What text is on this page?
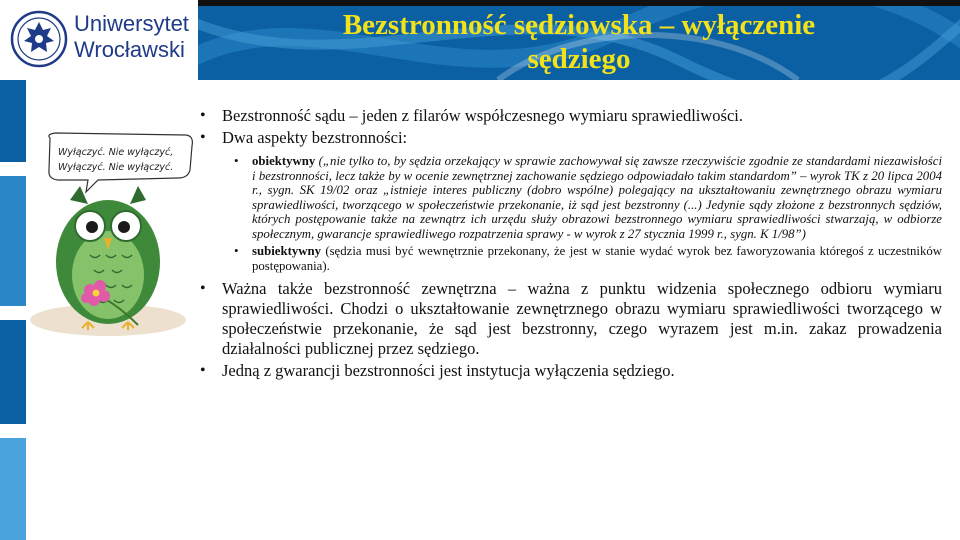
Uniwersytet
Wrocławski
Bezstronność sędziowska – wyłączenie
sędziego
Wyłączyć. Nie wyłączyć,
Wyłączyć. Nie wyłączyć.
• Bezstronność sądu – jeden z filarów współczesnego wymiaru sprawiedliwości.
• Dwa aspekty bezstronności:
• obiektywny („nie tylko to, by sędzia orzekający w sprawie zachowywał się zawsze rzeczywiście zgodnie ze standardami niezawisłości i bezstronności, lecz także by w ocenie zewnętrznej zachowanie sędziego odpowiadało takim standardom” – wyrok TK z 20 lipca 2004 r., sygn. SK 19/02 oraz „istnieje interes publiczny (dobro wspólne) polegający na ukształtowaniu zewnętrznego obrazu wymiaru sprawiedliwości, tworzącego w społeczeństwie przekonanie, iż sąd jest bezstronny (...) Jedynie sądy złożone z bezstronnych sędziów, których postępowanie także na zewnątrz ich urzędu służy obrazowi bezstronnego wymiaru sprawiedliwości stwarzają, w odbiorze społecznym, gwarancje sprawiedliwego rozpatrzenia sprawy - w wyrok z 27 stycznia 1999 r., sygn. K 1/98”)
• subiektywny (sędzia musi być wewnętrznie przekonany, że jest w stanie wydać wyrok bez faworyzowania któregoś z uczestników postępowania).
• Ważna także bezstronność zewnętrzna – ważna z punktu widzenia społecznego odbioru wymiaru sprawiedliwości. Chodzi o ukształtowanie zewnętrznego obrazu wymiaru sprawiedliwości tworzącego w społeczeństwie przekonanie, że sąd jest bezstronny, czego wyrazem jest m.in. zakaz prowadzenia działalności publicznej przez sędziego.
• Jedną z gwarancji bezstronności jest instytucja wyłączenia sędziego.
